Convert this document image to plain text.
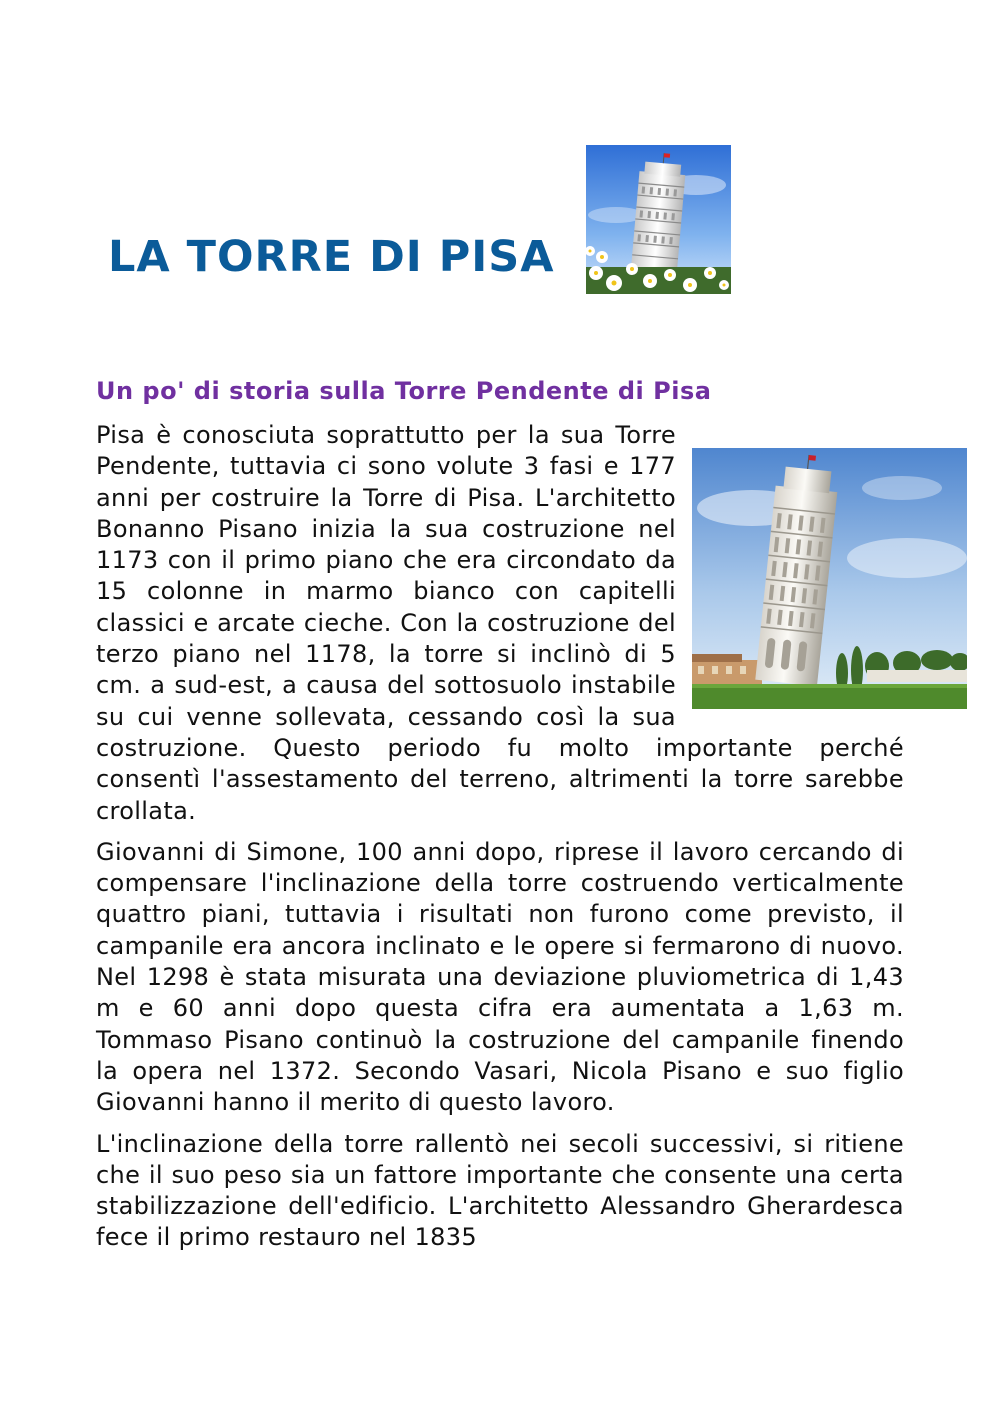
LA TORRE DI PISA
Un po' di storia sulla Torre Pendente di Pisa

Pisa è conosciuta soprattutto per la sua Torre Pendente, tuttavia ci sono volute 3 fasi e 177 anni per costruire la Torre di Pisa. L'architetto Bonanno Pisano inizia la sua costruzione nel 1173 con il primo piano che era circondato da 15 colonne in marmo bianco con capitelli classici e arcate cieche. Con la costruzione del terzo piano nel 1178, la torre si inclinò di 5 cm. a sud-est, a causa del sottosuolo instabile su cui venne sollevata, cessando così la sua costruzione. Questo periodo fu molto importante perché consentì l'assestamento del terreno, altrimenti la torre sarebbe crollata.

Giovanni di Simone, 100 anni dopo, riprese il lavoro cercando di compensare l'inclinazione della torre costruendo verticalmente quattro piani, tuttavia i risultati non furono come previsto, il campanile era ancora inclinato e le opere si fermarono di nuovo. Nel 1298 è stata misurata una deviazione pluviometrica di 1,43 m e 60 anni dopo questa cifra era aumentata a 1,63 m. Tommaso Pisano continuò la costruzione del campanile finendo la opera nel 1372. Secondo Vasari, Nicola Pisano e suo figlio Giovanni hanno il merito di questo lavoro.

L'inclinazione della torre rallentò nei secoli successivi, si ritiene che il suo peso sia un fattore importante che consente una certa stabilizzazione dell'edificio. L'architetto Alessandro Gherardesca fece il primo restauro nel 1835
